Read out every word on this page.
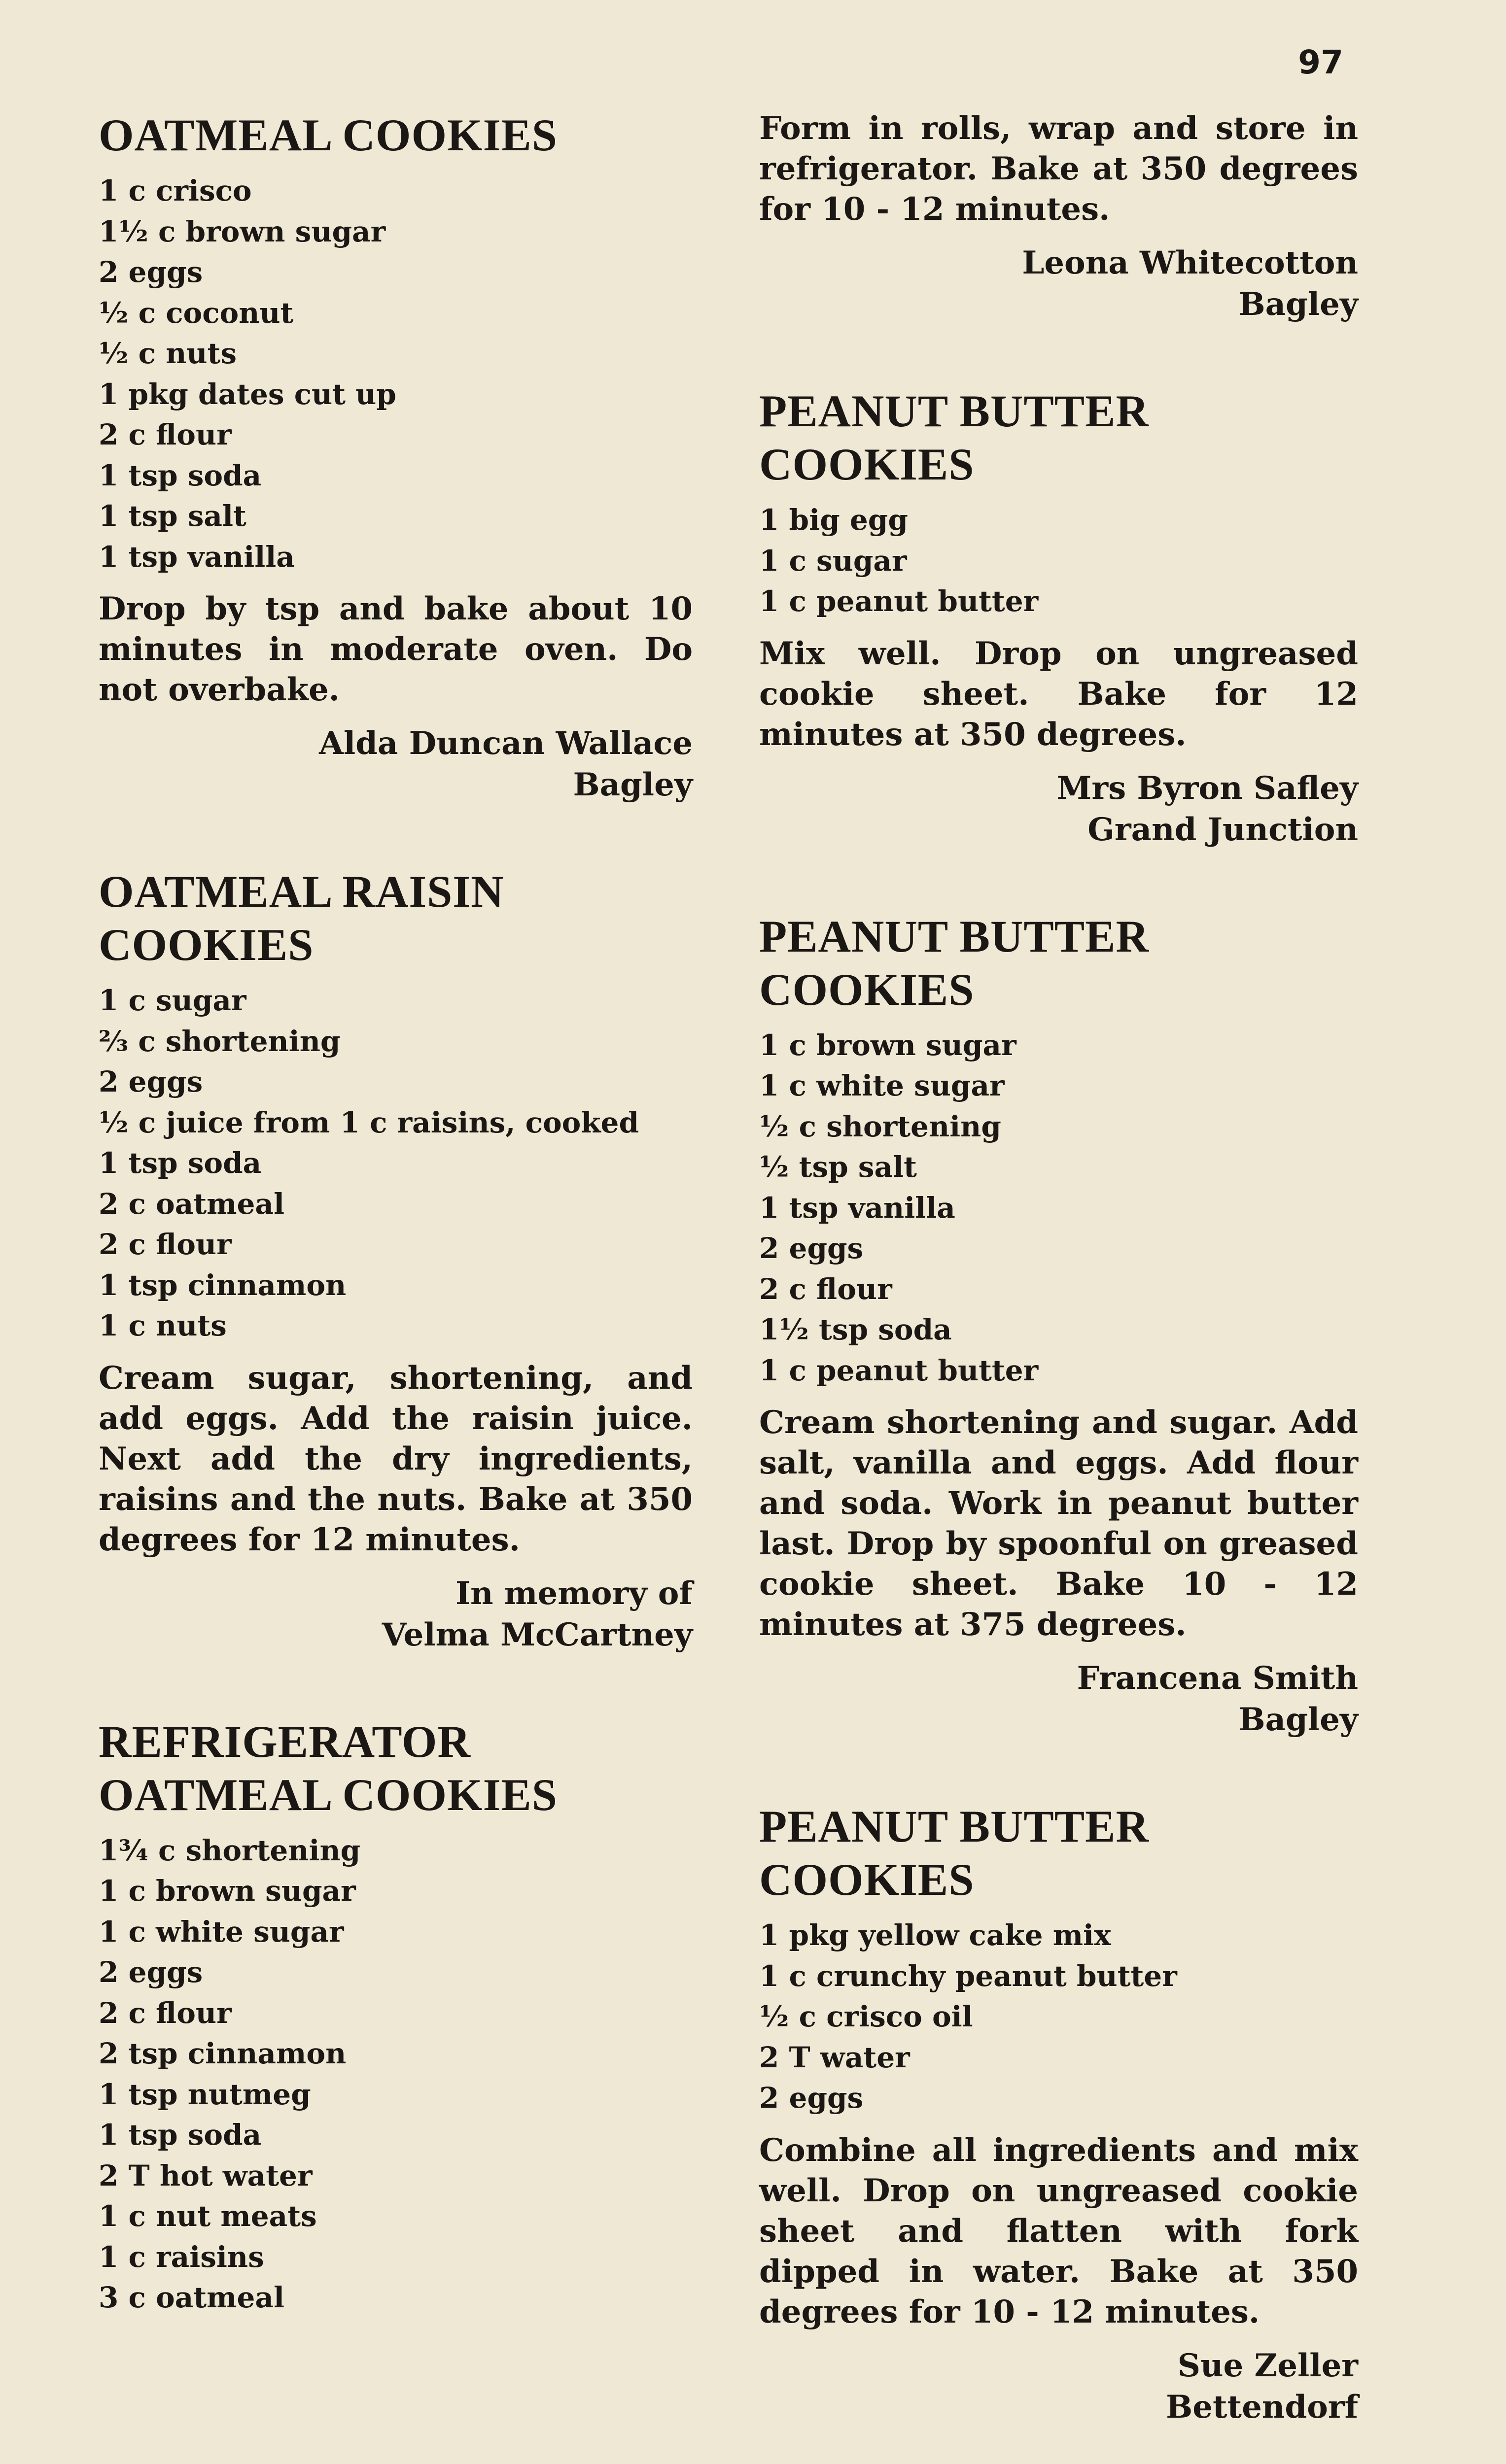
97
OATMEAL COOKIES
1 c crisco
1½ c brown sugar
2 eggs
½ c coconut
½ c nuts
1 pkg dates cut up
2 c flour
1 tsp soda
1 tsp salt
1 tsp vanilla
Drop by tsp and bake about 10 minutes in moderate oven. Do not overbake.
Alda Duncan Wallace
Bagley
OATMEAL RAISIN
COOKIES
1 c sugar
⅔ c shortening
2 eggs
½ c juice from 1 c raisins, cooked
1 tsp soda
2 c oatmeal
2 c flour
1 tsp cinnamon
1 c nuts
Cream sugar, shortening, and add eggs. Add the raisin juice. Next add the dry ingredients, raisins and the nuts. Bake at 350 degrees for 12 minutes.
In memory of
Velma McCartney
REFRIGERATOR
OATMEAL COOKIES
1¾ c shortening
1 c brown sugar
1 c white sugar
2 eggs
2 c flour
2 tsp cinnamon
1 tsp nutmeg
1 tsp soda
2 T hot water
1 c nut meats
1 c raisins
3 c oatmeal
Form in rolls, wrap and store in refrigerator. Bake at 350 degrees for 10 - 12 minutes.
Leona Whitecotton
Bagley
PEANUT BUTTER
COOKIES
1 big egg
1 c sugar
1 c peanut butter
Mix well. Drop on ungreased cookie sheet. Bake for 12 minutes at 350 degrees.
Mrs Byron Safley
Grand Junction
PEANUT BUTTER
COOKIES
1 c brown sugar
1 c white sugar
½ c shortening
½ tsp salt
1 tsp vanilla
2 eggs
2 c flour
1½ tsp soda
1 c peanut butter
Cream shortening and sugar. Add salt, vanilla and eggs. Add flour and soda. Work in peanut butter last. Drop by spoonful on greased cookie sheet. Bake 10 - 12 minutes at 375 degrees.
Francena Smith
Bagley
PEANUT BUTTER
COOKIES
1 pkg yellow cake mix
1 c crunchy peanut butter
½ c crisco oil
2 T water
2 eggs
Combine all ingredients and mix well. Drop on ungreased cookie sheet and flatten with fork dipped in water. Bake at 350 degrees for 10 - 12 minutes.
Sue Zeller
Bettendorf
